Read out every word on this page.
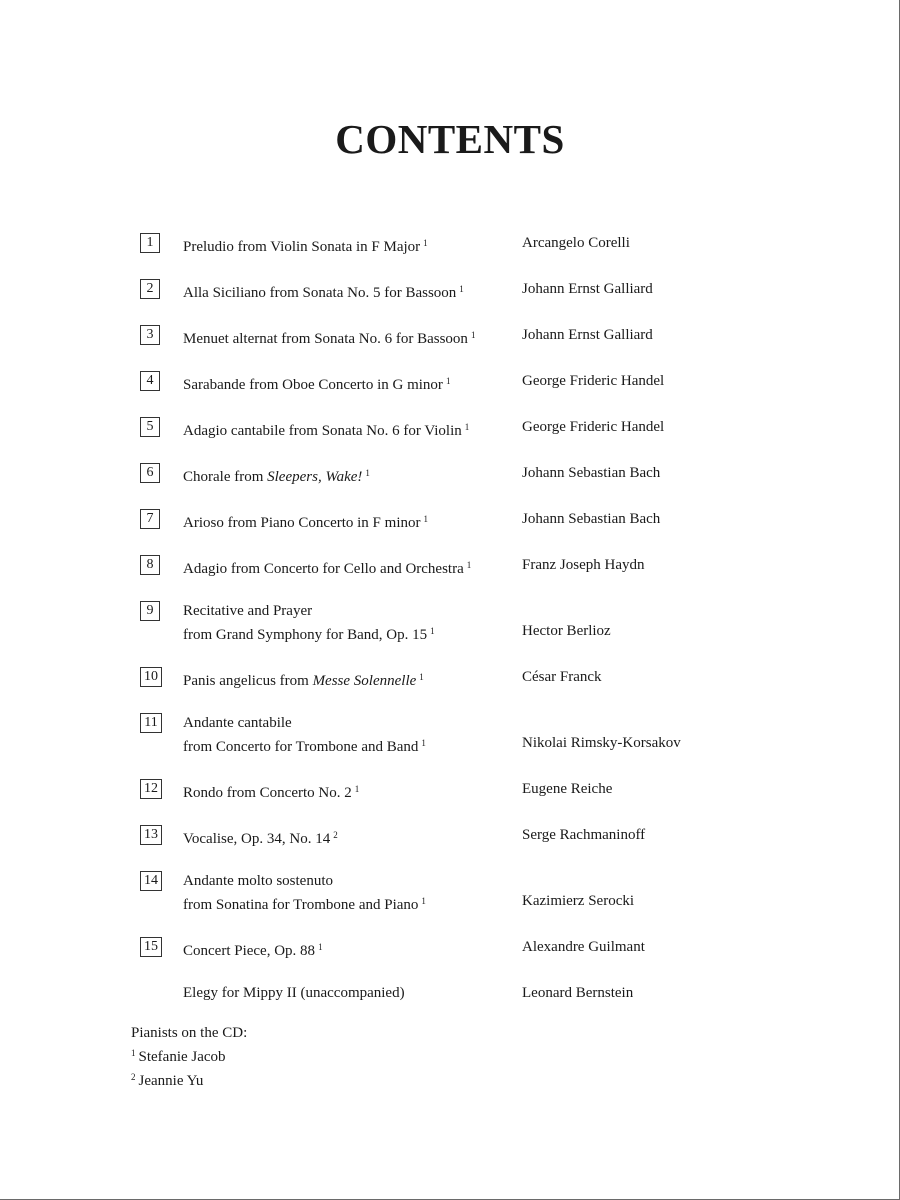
CONTENTS
1	Preludio from Violin Sonata in F Major $^1$	Arcangelo Corelli
2	Alla Siciliano from Sonata No. 5 for Bassoon $^1$	Johann Ernst Galliard
3	Menuet alternat from Sonata No. 6 for Bassoon $^1$	Johann Ernst Galliard
4	Sarabande from Oboe Concerto in G minor $^1$	George Frideric Handel
5	Adagio cantabile from Sonata No. 6 for Violin $^1$	George Frideric Handel
6	Chorale from Sleepers, Wake! $^1$	Johann Sebastian Bach
7	Arioso from Piano Concerto in F minor $^1$	Johann Sebastian Bach
8	Adagio from Concerto for Cello and Orchestra $^1$	Franz Joseph Haydn
9	Recitative and Prayer
from Grand Symphony for Band, Op. 15 $^1$	Hector Berlioz
10 Panis angelicus from Messe Solennelle $^1$	César Franck
11 Andante cantabile
from Concerto for Trombone and Band $^1$	Nikolai Rimsky-Korsakov
12 Rondo from Concerto No. 2 $^1$	Eugene Reiche
13 Vocalise, Op. 34, No. 14 $^2$	Serge Rachmaninoff
14 Andante molto sostenuto
from Sonatina for Trombone and Piano $^1$	Kazimierz Serocki
15 Concert Piece, Op. 88 $^1$	Alexandre Guilmant
Elegy for Mippy II (unaccompanied)	Leonard Bernstein
Pianists on the CD:
$^1$ Stefanie Jacob
$^2$ Jeannie Yu
